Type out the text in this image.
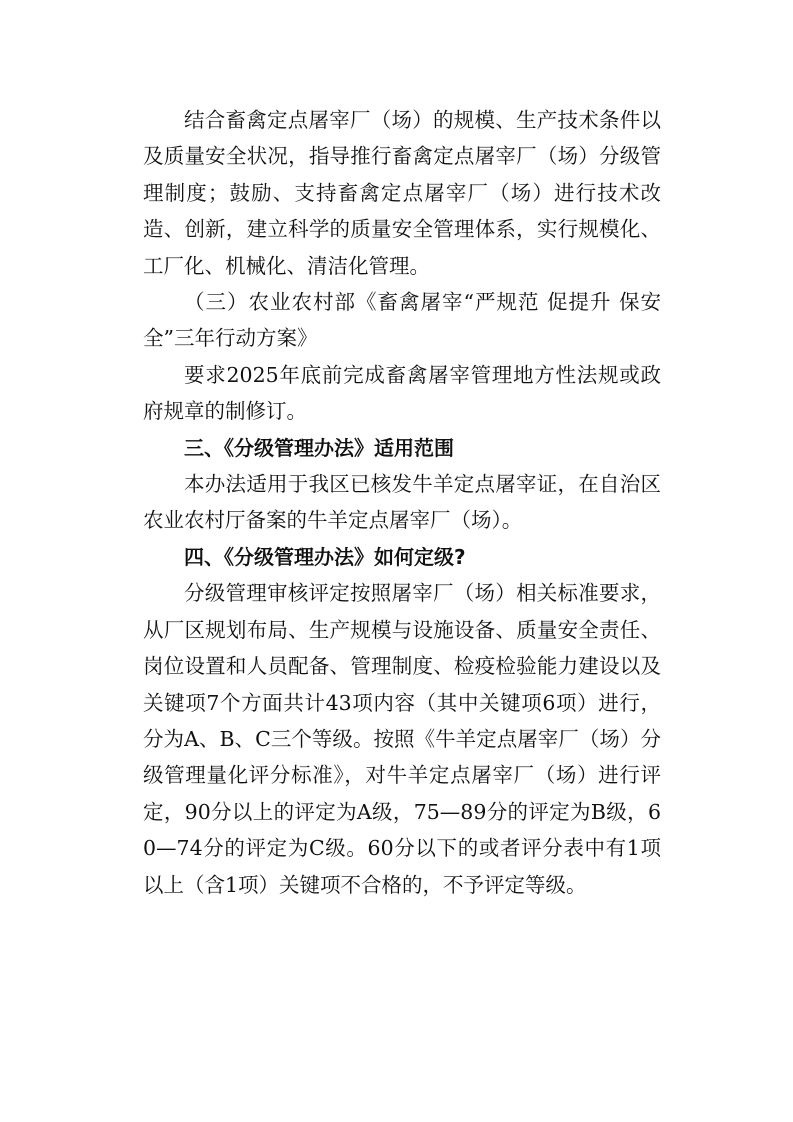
结合畜禽定点屠宰厂（场）的规模、生产技术条件以及质量安全状况，指导推行畜禽定点屠宰厂（场）分级管理制度；鼓励、支持畜禽定点屠宰厂（场）进行技术改造、创新，建立科学的质量安全管理体系，实行规模化、工厂化、机械化、清洁化管理。

（三）农业农村部《畜禽屠宰“严规范 促提升 保安全”三年行动方案》

要求2025年底前完成畜禽屠宰管理地方性法规或政府规章的制修订。

三、《分级管理办法》适用范围

本办法适用于我区已核发牛羊定点屠宰证，在自治区农业农村厅备案的牛羊定点屠宰厂（场）。

四、《分级管理办法》如何定级?

分级管理审核评定按照屠宰厂（场）相关标准要求，从厂区规划布局、生产规模与设施设备、质量安全责任、岗位设置和人员配备、管理制度、检疫检验能力建设以及关键项7个方面共计43项内容（其中关键项6项）进行，分为A、B、C三个等级。按照《牛羊定点屠宰厂（场）分级管理量化评分标准》，对牛羊定点屠宰厂（场）进行评定，90分以上的评定为A级，75—89分的评定为B级，60—74分的评定为C级。60分以下的或者评分表中有1项以上（含1项）关键项不合格的，不予评定等级。
